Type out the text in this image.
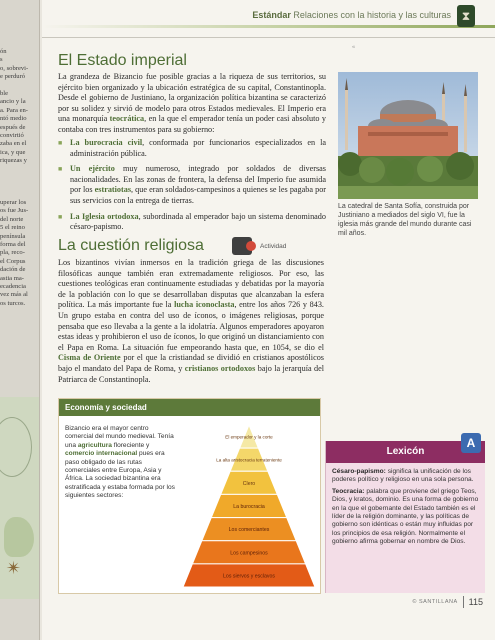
ón
s
o, sobrevi-
e perduró
ble
ancio y la
a. Para en-
ntó medio
espués de
convirtió
zaba en el
ica, y que
riquezas y
uperar los
os fue Jus-
del norte
5 el reino
península
forma del
pla, reco-
el Corpus
dación de
astia ma-
ecadencia
vez más al
os turcos.
✴
Estándar Relaciones con la historia y las culturas ⧗
«
El Estado imperial

La grandeza de Bizancio fue posible gracias a la riqueza de sus territorios, su ejército bien organizado y la ubicación estratégica de su capital, Constantinopla. Desde el gobierno de Justiniano, la organización política bizantina se caracterizó por su solidez y sirvió de modelo para otros Estados medievales. El Imperio era una monarquía teocrática, en la que el emperador tenía un poder casi absoluto y contaba con tres instrumentos para su gobierno:

■ La burocracia civil, conformada por funcionarios especializados en la administración pública.
■ Un ejército muy numeroso, integrado por soldados de diversas nacionalidades. En las zonas de frontera, la defensa del Imperio fue asumida por los estratiotas, que eran soldados-campesinos a quienes se les pagaba por sus servicios con la entrega de tierras.
■ La Iglesia ortodoxa, subordinada al emperador bajo un sistema denominado césaro-papismo.

La catedral de Santa Sofía, construida por Justiniano a mediados del siglo VI, fue la iglesia más grande del mundo durante casi mil años.

La cuestión religiosa	Actividad

Los bizantinos vivían inmersos en la tradición griega de las discusiones filosóficas aunque también eran extremadamente religiosos. Por eso, las cuestiones teológicas eran continuamente estudiadas y debatidas por la mayoría de la población con lo que se desarrollaban disputas que alcanzaban la esfera política. La más importante fue la lucha iconoclasta, entre los años 726 y 843. Un grupo estaba en contra del uso de íconos, o imágenes religiosas, porque pensaba que eso llevaba a la gente a la idolatría. Algunos emperadores apoyaron estas ideas y prohibieron el uso de íconos, lo que originó un distanciamiento con el Papa en Roma. La situación fue empeorando hasta que, en 1054, se dio el Cisma de Oriente por el que la cristiandad se dividió en cristianos apostólicos bajo el mandato del Papa de Roma, y cristianos ortodoxos bajo la jerarquía del Patriarca de Constantinopla.

Economía y sociedad

Bizancio era el mayor centro comercial del mundo medieval. Tenía una agricultura floreciente y comercio internacional pues era paso obligado de las rutas comerciales entre Europa, Asia y África. La sociedad bizantina era estratificada y estaba formada por los siguientes sectores:

El emperador y la corte
La alta aristocracia terrateniente
Clero
La burocracia
Los comerciantes
Los campesinos
Los siervos y esclavos
Lexicón
A

Césaro-papismo: significa la unificación de los poderes político y religioso en una sola persona.

Teocracia: palabra que proviene del griego Teos, Dios, y kratos, dominio. Es una forma de gobierno en la que el gobernante del Estado también es el líder de la religión dominante, y las políticas de gobierno son idénticas o están muy influidas por los principios de esa religión. Normalmente el gobierno afirma gobernar en nombre de Dios.

© SANTILLANA 115
